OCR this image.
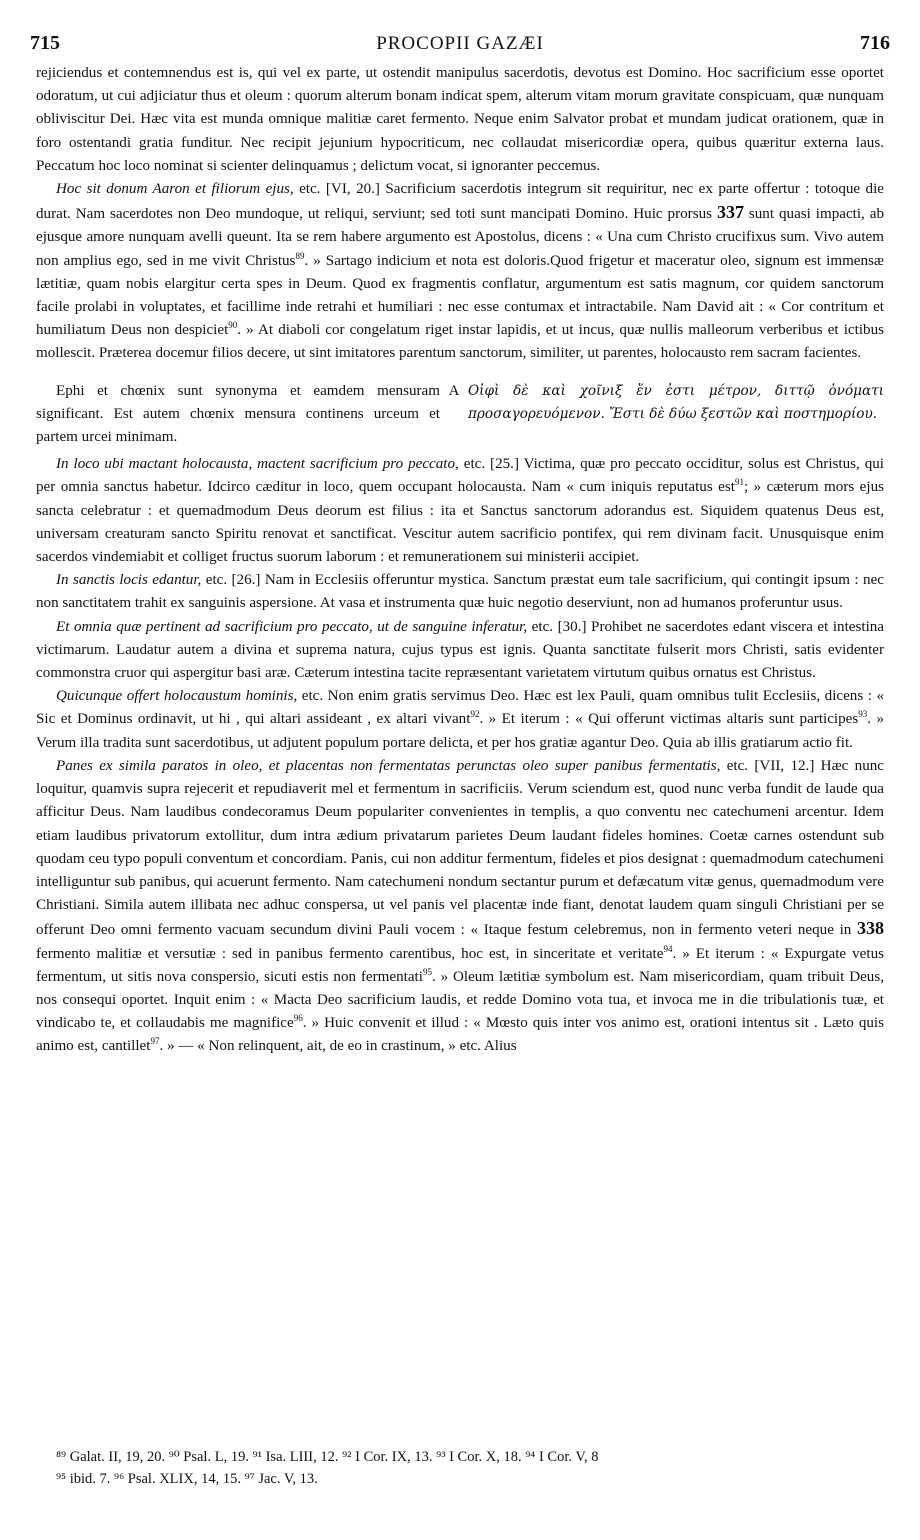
715	PROCOPII GAZÆI	716

rejiciendus et contemnendus est is, qui vel ex parte, ut ostendit manipulus sacerdotis, devotus est Domino. Hoc sacrificium esse oportet odoratum, ut cui adjiciatur thus et oleum : quorum alterum bonam indicat spem, alterum vitam morum gravitate conspicuam, quæ nunquam obliviscitur Dei. Hæc vita est munda omnique malitiæ caret fermento. Neque enim Salvator probat et mundam judicat orationem, quæ in foro ostentandi gratia funditur. Nec recipit jejunium hypocriticum, nec collaudat misericordiæ opera, quibus quæritur externa laus. Peccatum hoc loco nominat si scienter delinquamus ; delictum vocat, si ignoranter peccemus.

Hoc sit donum Aaron et filiorum ejus, etc. [VI, 20.] Sacrificium sacerdotis integrum sit requiritur, nec ex parte offertur : totoque die durat. Nam sacerdotes non Deo mundoque, ut reliqui, serviunt; sed toti sunt mancipati Domino. Huic prorsus 337 sunt quasi impacti, ab ejusque amore nunquam avelli queunt. Ita se rem habere argumento est Apostolus, dicens : « Una cum Christo crucifixus sum. Vivo autem non amplius ego, sed in me vivit Christus$^{89}$. » Sartago indicium et nota est doloris.Quod frigetur et maceratur oleo, signum est immensæ lætitiæ, quam nobis elargitur certa spes in Deum. Quod ex fragmentis conflatur, argumentum est satis magnum, cor quidem sanctorum facile prolabi in voluptates, et facillime inde retrahi et humiliari : nec esse contumax et intractabile. Nam David ait : « Cor contritum et humiliatum Deus non despiciet$^{90}$. » At diaboli cor congelatum riget instar lapidis, et ut incus, quæ nullis malleorum verberibus et ictibus mollescit. Præterea docemur filios decere, ut sint imitatores parentum sanctorum, similiter, ut parentes, holocausto rem sacram facientes.

Ephi et chœnix sunt synonyma et eamdem mensuram significant. Est autem chœnix mensura continens urceum et partem urcei minimam.
A Οἰφὶ δὲ καὶ χοῖνιξ ἕν ἐστι μέτρον, διττῷ ὀνόματι προσαγορευόμενον. Ἔστι δὲ δύω ξεστῶν καὶ ποστημορίου.

In loco ubi mactant holocausta, mactent sacrificium pro peccato, etc. [25.] Victima, quæ pro peccato occiditur, solus est Christus, qui per omnia sanctus habetur. Idcirco cæditur in loco, quem occupant holocausta. Nam « cum iniquis reputatus est$^{91}$; » cæterum mors ejus sancta celebratur : et quemadmodum Deus deorum est filius : ita et Sanctus sanctorum adorandus est. Siquidem quatenus Deus est, universam creaturam sancto Spiritu renovat et sanctificat. Vescitur autem sacrificio pontifex, qui rem divinam facit. Unusquisque enim sacerdos vindemiabit et colliget fructus suorum laborum : et remunerationem sui ministerii accipiet.

In sanctis locis edantur, etc. [26.] Nam in Ecclesiis offeruntur mystica. Sanctum præstat eum tale sacrificium, qui contingit ipsum : nec non sanctitatem trahit ex sanguinis aspersione. At vasa et instrumenta quæ huic negotio deserviunt, non ad humanos proferuntur usus.

Et omnia quæ pertinent ad sacrificium pro peccato, ut de sanguine inferatur, etc. [30.] Prohibet ne sacerdotes edant viscera et intestina victimarum. Laudatur autem a divina et suprema natura, cujus typus est ignis. Quanta sanctitate fulserit mors Christi, satis evidenter commonstra cruor qui aspergitur basi aræ. Cæterum intestina tacite repræsentant varietatem virtutum quibus ornatus est Christus.

Quicunque offert holocaustum hominis, etc. Non enim gratis servimus Deo. Hæc est lex Pauli, quam omnibus tulit Ecclesiis, dicens : « Sic et Dominus ordinavit, ut hi , qui altari assideant , ex altari vivant$^{92}$. » Et iterum : « Qui offerunt victimas altaris sunt participes$^{93}$. » Verum illa tradita sunt sacerdotibus, ut adjutent populum portare delicta, et per hos gratiæ agantur Deo. Quia ab illis gratiarum actio fit.

Panes ex simila paratos in oleo, et placentas non fermentatas perunctas oleo super panibus fermentatis, etc. [VII, 12.] Hæc nunc loquitur, quamvis supra rejecerit et repudiaverit mel et fermentum in sacrificiis. Verum sciendum est, quod nunc verba fundit de laude qua afficitur Deus. Nam laudibus condecoramus Deum populariter convenientes in templis, a quo conventu nec catechumeni arcentur. Idem etiam laudibus privatorum extollitur, dum intra ædium privatarum parietes Deum laudant fideles homines. Coetæ carnes ostendunt sub quodam ceu typo populi conventum et concordiam. Panis, cui non additur fermentum, fideles et pios designat : quemadmodum catechumeni intelliguntur sub panibus, qui acuerunt fermento. Nam catechumeni nondum sectantur purum et defæcatum vitæ genus, quemadmodum vere Christiani. Simila autem illibata nec adhuc conspersa, ut vel panis vel placentæ inde fiant, denotat laudem quam singuli Christiani per se offerunt Deo omni fermento vacuam secundum divini Pauli vocem : « Itaque festum celebremus, non in fermento veteri neque in 338 fermento malitiæ et versutiæ : sed in panibus fermento carentibus, hoc est, in sinceritate et veritate$^{94}$. » Et iterum : « Expurgate vetus fermentum, ut sitis nova conspersio, sicuti estis non fermentati$^{95}$. » Oleum lætitiæ symbolum est. Nam misericordiam, quam tribuit Deus, nos consequi oportet. Inquit enim : « Macta Deo sacrificium laudis, et redde Domino vota tua, et invoca me in die tribulationis tuæ, et vindicabo te, et collaudabis me magnifice$^{96}$. » Huic convenit et illud : « Mœsto quis inter vos animo est, orationi intentus sit . Læto quis animo est, cantillet$^{97}$. » — « Non relinquent, ait, de eo in crastinum, » etc. Alius

⁸⁹ Galat. II, 19, 20. ⁹⁰ Psal. L, 19. ⁹¹ Isa. LIII, 12. ⁹² I Cor. IX, 13. ⁹³ I Cor. X, 18. ⁹⁴ I Cor. V, 8
⁹⁵ ibid. 7. ⁹⁶ Psal. XLIX, 14, 15. ⁹⁷ Jac. V, 13.
